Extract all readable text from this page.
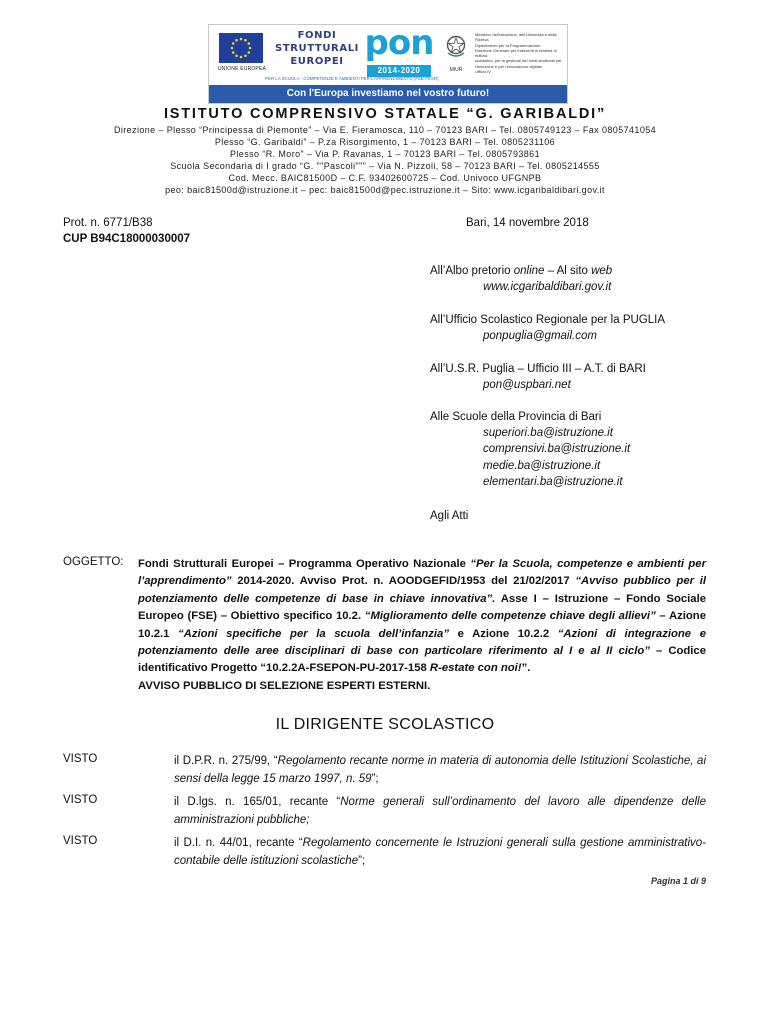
UNIONE EUROPEA
FONDI
STRUTTURALI
EUROPEI pon
2014-2020	MIUR
Ministero dell'Istruzione, dell'Università e della Ricerca
Dipartimento per la Programmazione
Direzione Generale per interventi in materia di edilizia
scolastica, per la gestione dei fondi strutturali per
l'istruzione e per l'innovazione digitale
Ufficio IV
PER LA SCUOLA - COMPETENZE E AMBIENTI PER L'APPRENDIMENTO (FSE-FESR)
Con l'Europa investiamo nel vostro futuro!
ISTITUTO COMPRENSIVO STATALE “G. GARIBALDI”
Direzione – Plesso “Principessa di Piemonte” – Via E. Fieramosca, 110 – 70123 BARI – Tel. 0805749123 – Fax 0805741054
Plesso “G. Garibaldi” – P.za Risorgimento, 1 – 70123 BARI – Tel. 0805231106
Plesso “R. Moro” – Via P. Ravanas, 1 – 70123 BARI – Tel. 0805793861
Scuola Secondaria di I grado “G. ""Pascoli""” – Via N. Pizzoli, 58 – 70123 BARI – Tel. 0805214555
Cod. Mecc. BAIC81500D – C.F. 93402600725 – Cod. Univoco UFGNPB
peo: baic81500d@istruzione.it – pec: baic81500d@pec.istruzione.it – Sito: www.icgaribaldibari.gov.it
Prot. n. 6771/B38
CUP B94C18000030007
Bari, 14 novembre 2018
All’Albo pretorio online – Al sito web
www.icgaribaldibari.gov.it
All’Ufficio Scolastico Regionale per la PUGLIA
ponpuglia@gmail.com
All’U.S.R. Puglia – Ufficio III – A.T. di BARI
pon@uspbari.net
Alle Scuole della Provincia di Bari
superiori.ba@istruzione.it
comprensivi.ba@istruzione.it
medie.ba@istruzione.it
elementari.ba@istruzione.it
Agli Atti
OGGETTO: Fondi Strutturali Europei – Programma Operativo Nazionale “Per la Scuola, competenze e ambienti per l’apprendimento” 2014-2020. Avviso Prot. n. AOODGEFID/1953 del 21/02/2017 “Avviso pubblico per il potenziamento delle competenze di base in chiave innovativa”. Asse I – Istruzione – Fondo Sociale Europeo (FSE) – Obiettivo specifico 10.2. “Miglioramento delle competenze chiave degli allievi” – Azione 10.2.1 “Azioni specifiche per la scuola dell’infanzia” e Azione 10.2.2 “Azioni di integrazione e potenziamento delle aree disciplinari di base con particolare riferimento al I e al II ciclo” – Codice identificativo Progetto “10.2.2A-FSEPON-PU-2017-158 R-estate con noi!”.
AVVISO PUBBLICO DI SELEZIONE ESPERTI ESTERNI.
IL DIRIGENTE SCOLASTICO
VISTO	il D.P.R. n. 275/99, “Regolamento recante norme in materia di autonomia delle Istituzioni Scolastiche, ai sensi della legge 15 marzo 1997, n. 59”;
VISTO	il D.lgs. n. 165/01, recante “Norme generali sull’ordinamento del lavoro alle dipendenze delle amministrazioni pubbliche;
VISTO	il D.I. n. 44/01, recante “Regolamento concernente le Istruzioni generali sulla gestione amministrativo-contabile delle istituzioni scolastiche”;
Pagina 1 di 9
